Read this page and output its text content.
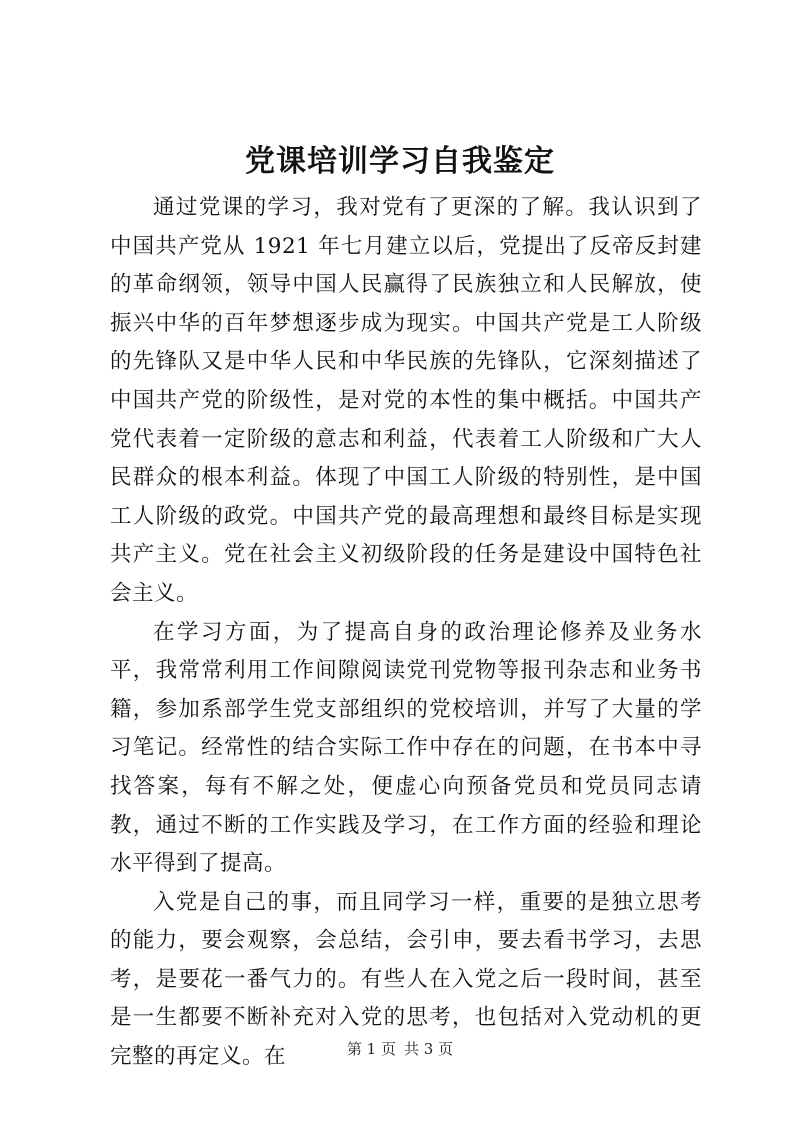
党课培训学习自我鉴定

通过党课的学习，我对党有了更深的了解。我认识到了中国共产党从 1921 年七月建立以后，党提出了反帝反封建的革命纲领，领导中国人民赢得了民族独立和人民解放，使振兴中华的百年梦想逐步成为现实。中国共产党是工人阶级的先锋队又是中华人民和中华民族的先锋队，它深刻描述了中国共产党的阶级性，是对党的本性的集中概括。中国共产党代表着一定阶级的意志和利益，代表着工人阶级和广大人民群众的根本利益。体现了中国工人阶级的特别性，是中国工人阶级的政党。中国共产党的最高理想和最终目标是实现共产主义。党在社会主义初级阶段的任务是建设中国特色社会主义。

在学习方面，为了提高自身的政治理论修养及业务水平，我常常利用工作间隙阅读党刊党物等报刊杂志和业务书籍，参加系部学生党支部组织的党校培训，并写了大量的学习笔记。经常性的结合实际工作中存在的问题，在书本中寻找答案，每有不解之处，便虚心向预备党员和党员同志请教，通过不断的工作实践及学习，在工作方面的经验和理论水平得到了提高。

入党是自己的事，而且同学习一样，重要的是独立思考的能力，要会观察，会总结，会引申，要去看书学习，去思考，是要花一番气力的。有些人在入党之后一段时间，甚至是一生都要不断补充对入党的思考，也包括对入党动机的更完整的再定义。在	第 1 页 共 3 页
